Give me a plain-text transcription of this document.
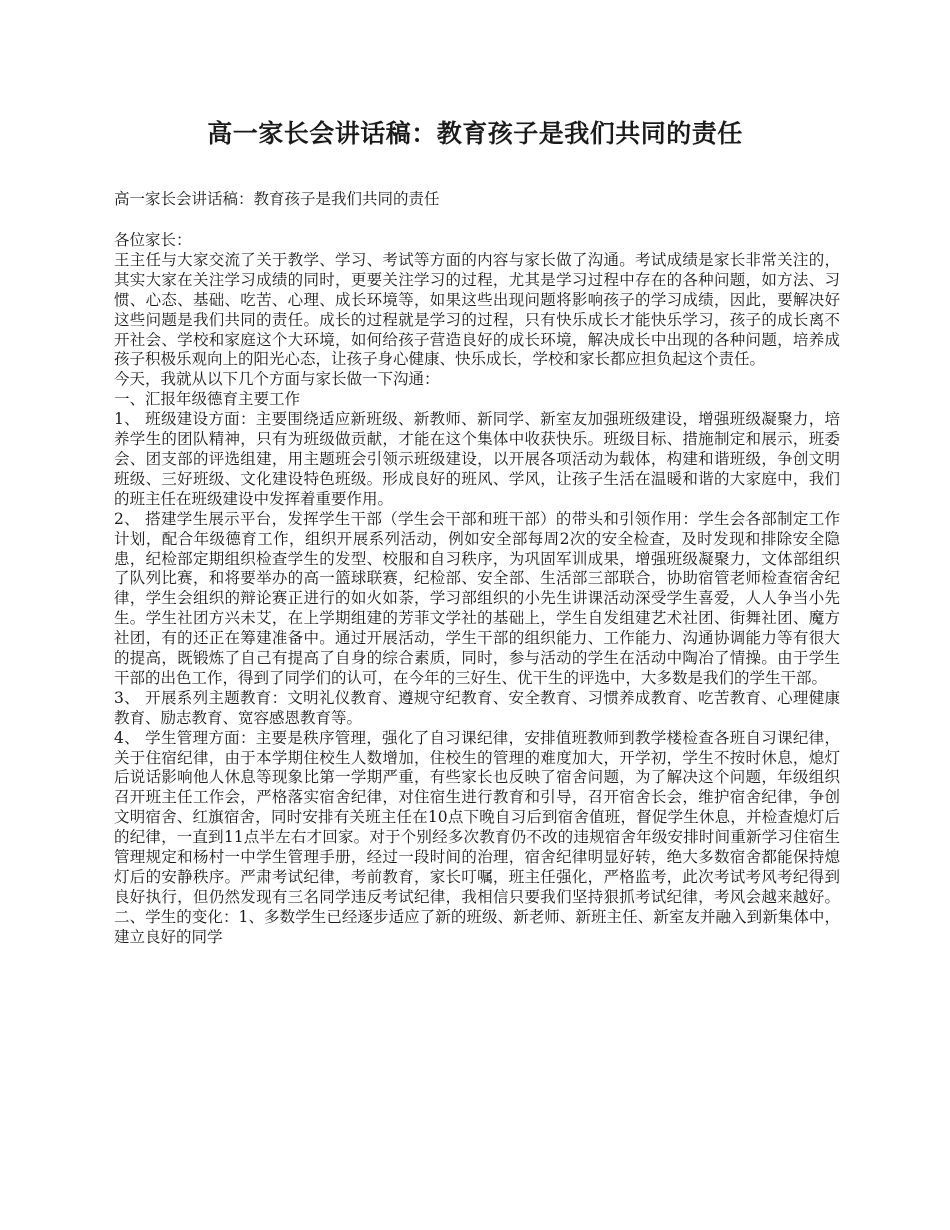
高一家长会讲话稿：教育孩子是我们共同的责任

高一家长会讲话稿：教育孩子是我们共同的责任

各位家长：

王主任与大家交流了关于教学、学习、考试等方面的内容与家长做了沟通。考试成绩是家长非常关注的，其实大家在关注学习成绩的同时，更要关注学习的过程，尤其是学习过程中存在的各种问题，如方法、习惯、心态、基础、吃苦、心理、成长环境等，如果这些出现问题将影响孩子的学习成绩，因此，要解决好这些问题是我们共同的责任。成长的过程就是学习的过程，只有快乐成长才能快乐学习，孩子的成长离不开社会、学校和家庭这个大环境，如何给孩子营造良好的成长环境，解决成长中出现的各种问题，培养成孩子积极乐观向上的阳光心态，让孩子身心健康、快乐成长，学校和家长都应担负起这个责任。

今天，我就从以下几个方面与家长做一下沟通：

一、汇报年级德育主要工作

1、 班级建设方面：主要围绕适应新班级、新教师、新同学、新室友加强班级建设，增强班级凝聚力，培养学生的团队精神，只有为班级做贡献，才能在这个集体中收获快乐。班级目标、措施制定和展示，班委会、团支部的评选组建，用主题班会引领示班级建设，以开展各项活动为载体，构建和谐班级，争创文明班级、三好班级、文化建设特色班级。形成良好的班风、学风，让孩子生活在温暖和谐的大家庭中，我们的班主任在班级建设中发挥着重要作用。

2、 搭建学生展示平台，发挥学生干部（学生会干部和班干部）的带头和引领作用：学生会各部制定工作计划，配合年级德育工作，组织开展系列活动，例如安全部每周2次的安全检查，及时发现和排除安全隐患，纪检部定期组织检查学生的发型、校服和自习秩序，为巩固军训成果，增强班级凝聚力，文体部组织了队列比赛，和将要举办的高一篮球联赛，纪检部、安全部、生活部三部联合，协助宿管老师检查宿舍纪律，学生会组织的辩论赛正进行的如火如荼，学习部组织的小先生讲课活动深受学生喜爱，人人争当小先生。学生社团方兴未艾，在上学期组建的芳菲文学社的基础上，学生自发组建艺术社团、街舞社团、魔方社团，有的还正在筹建准备中。通过开展活动，学生干部的组织能力、工作能力、沟通协调能力等有很大的提高，既锻炼了自己有提高了自身的综合素质，同时，参与活动的学生在活动中陶冶了情操。由于学生干部的出色工作，得到了同学们的认可，在今年的三好生、优干生的评选中，大多数是我们的学生干部。

3、 开展系列主题教育：文明礼仪教育、遵规守纪教育、安全教育、习惯养成教育、吃苦教育、心理健康教育、励志教育、宽容感恩教育等。

4、 学生管理方面：主要是秩序管理，强化了自习课纪律，安排值班教师到教学楼检查各班自习课纪律，关于住宿纪律，由于本学期住校生人数增加，住校生的管理的难度加大，开学初，学生不按时休息，熄灯后说话影响他人休息等现象比第一学期严重，有些家长也反映了宿舍问题，为了解决这个问题，年级组织召开班主任工作会，严格落实宿舍纪律，对住宿生进行教育和引导，召开宿舍长会，维护宿舍纪律，争创文明宿舍、红旗宿舍，同时安排有关班主任在10点下晚自习后到宿舍值班，督促学生休息，并检查熄灯后的纪律，一直到11点半左右才回家。对于个别经多次教育仍不改的违规宿舍年级安排时间重新学习住宿生管理规定和杨村一中学生管理手册，经过一段时间的治理，宿舍纪律明显好转，绝大多数宿舍都能保持熄灯后的安静秩序。严肃考试纪律，考前教育，家长叮嘱，班主任强化，严格监考，此次考试考风考纪得到良好执行，但仍然发现有三名同学违反考试纪律，我相信只要我们坚持狠抓考试纪律，考风会越来越好。二、学生的变化：1、多数学生已经逐步适应了新的班级、新老师、新班主任、新室友并融入到新集体中，建立良好的同学
